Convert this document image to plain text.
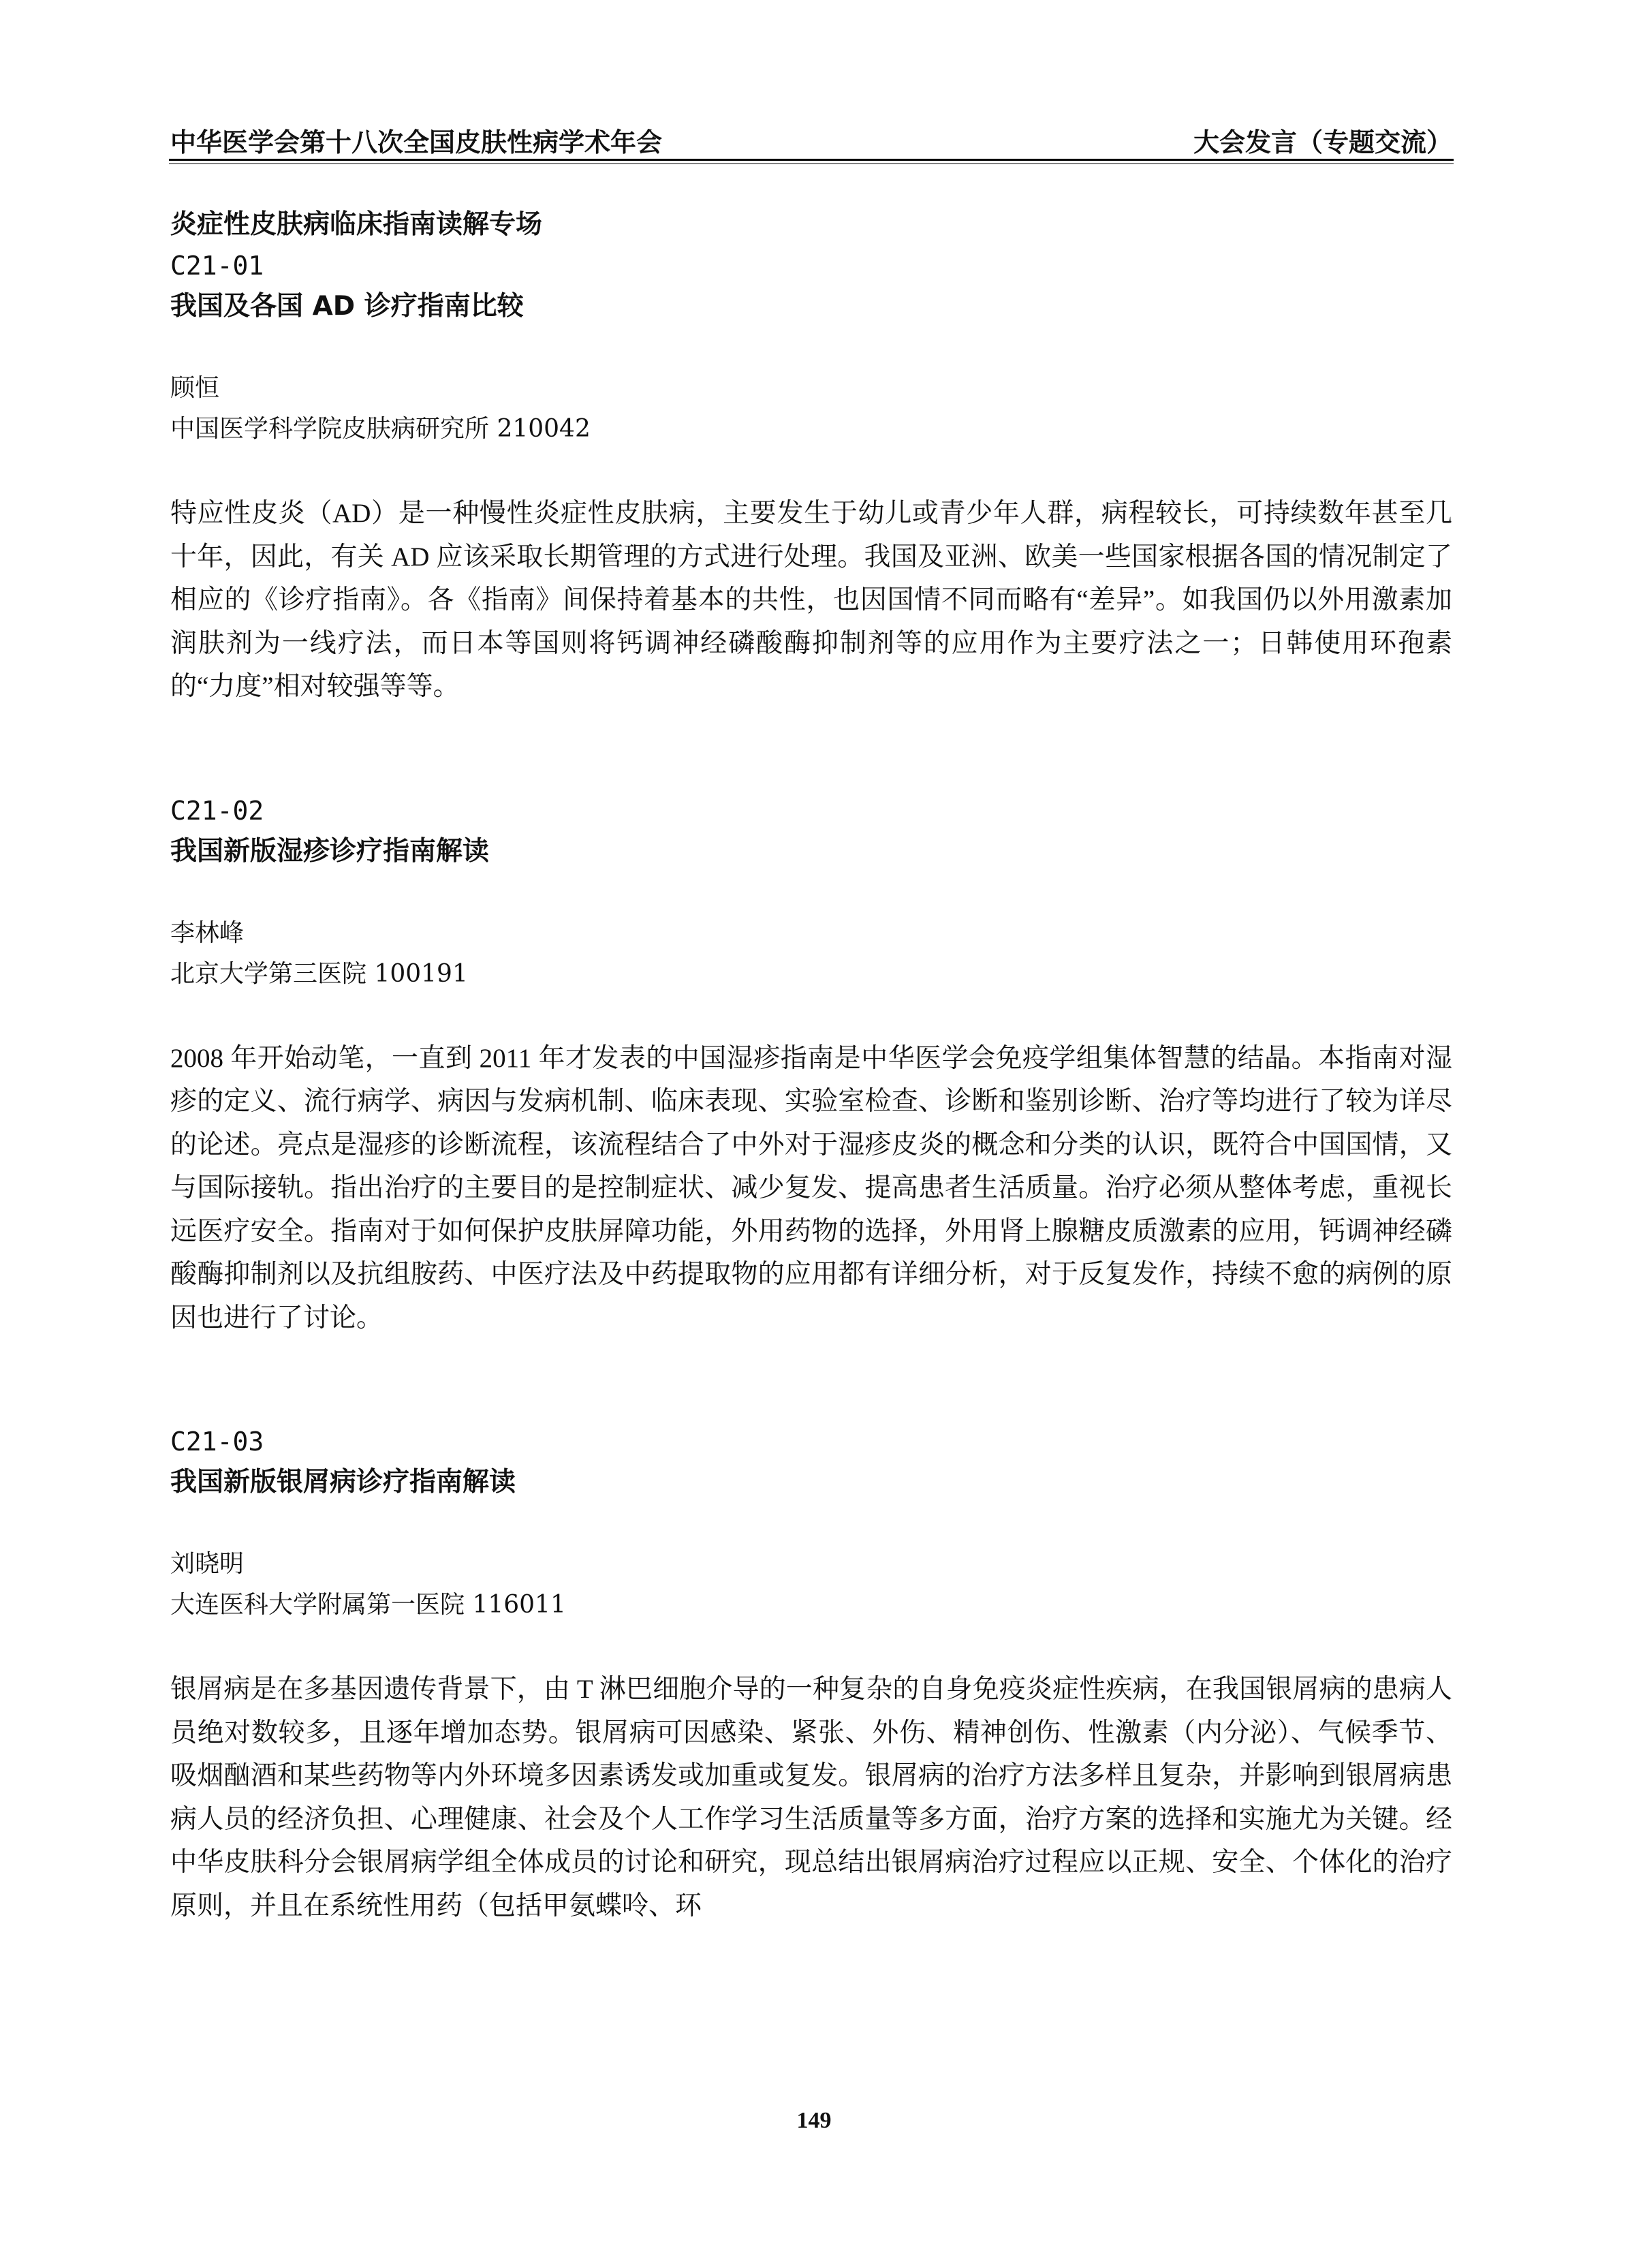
中华医学会第十八次全国皮肤性病学术年会	大会发言（专题交流）
炎症性皮肤病临床指南读解专场
C21-01
我国及各国 AD 诊疗指南比较
顾恒
中国医学科学院皮肤病研究所 210042

特应性皮炎（AD）是一种慢性炎症性皮肤病，主要发生于幼儿或青少年人群，病程较长，可持续数年甚至几十年，因此，有关 AD 应该采取长期管理的方式进行处理。我国及亚洲、欧美一些国家根据各国的情况制定了相应的《诊疗指南》。各《指南》间保持着基本的共性，也因国情不同而略有“差异”。如我国仍以外用激素加润肤剂为一线疗法，而日本等国则将钙调神经磷酸酶抑制剂等的应用作为主要疗法之一；日韩使用环孢素的“力度”相对较强等等。

C21-02
我国新版湿疹诊疗指南解读
李林峰
北京大学第三医院 100191

2008 年开始动笔，一直到 2011 年才发表的中国湿疹指南是中华医学会免疫学组集体智慧的结晶。本指南对湿疹的定义、流行病学、病因与发病机制、临床表现、实验室检查、诊断和鉴别诊断、治疗等均进行了较为详尽的论述。亮点是湿疹的诊断流程，该流程结合了中外对于湿疹皮炎的概念和分类的认识，既符合中国国情，又与国际接轨。指出治疗的主要目的是控制症状、减少复发、提高患者生活质量。治疗必须从整体考虑，重视长远医疗安全。指南对于如何保护皮肤屏障功能，外用药物的选择，外用肾上腺糖皮质激素的应用，钙调神经磷酸酶抑制剂以及抗组胺药、中医疗法及中药提取物的应用都有详细分析，对于反复发作，持续不愈的病例的原因也进行了讨论。

C21-03
我国新版银屑病诊疗指南解读
刘晓明
大连医科大学附属第一医院 116011

银屑病是在多基因遗传背景下，由 T 淋巴细胞介导的一种复杂的自身免疫炎症性疾病，在我国银屑病的患病人员绝对数较多，且逐年增加态势。银屑病可因感染、紧张、外伤、精神创伤、性激素（内分泌）、气候季节、吸烟酗酒和某些药物等内外环境多因素诱发或加重或复发。银屑病的治疗方法多样且复杂，并影响到银屑病患病人员的经济负担、心理健康、社会及个人工作学习生活质量等多方面，治疗方案的选择和实施尤为关键。经中华皮肤科分会银屑病学组全体成员的讨论和研究，现总结出银屑病治疗过程应以正规、安全、个体化的治疗原则，并且在系统性用药（包括甲氨蝶呤、环

149
